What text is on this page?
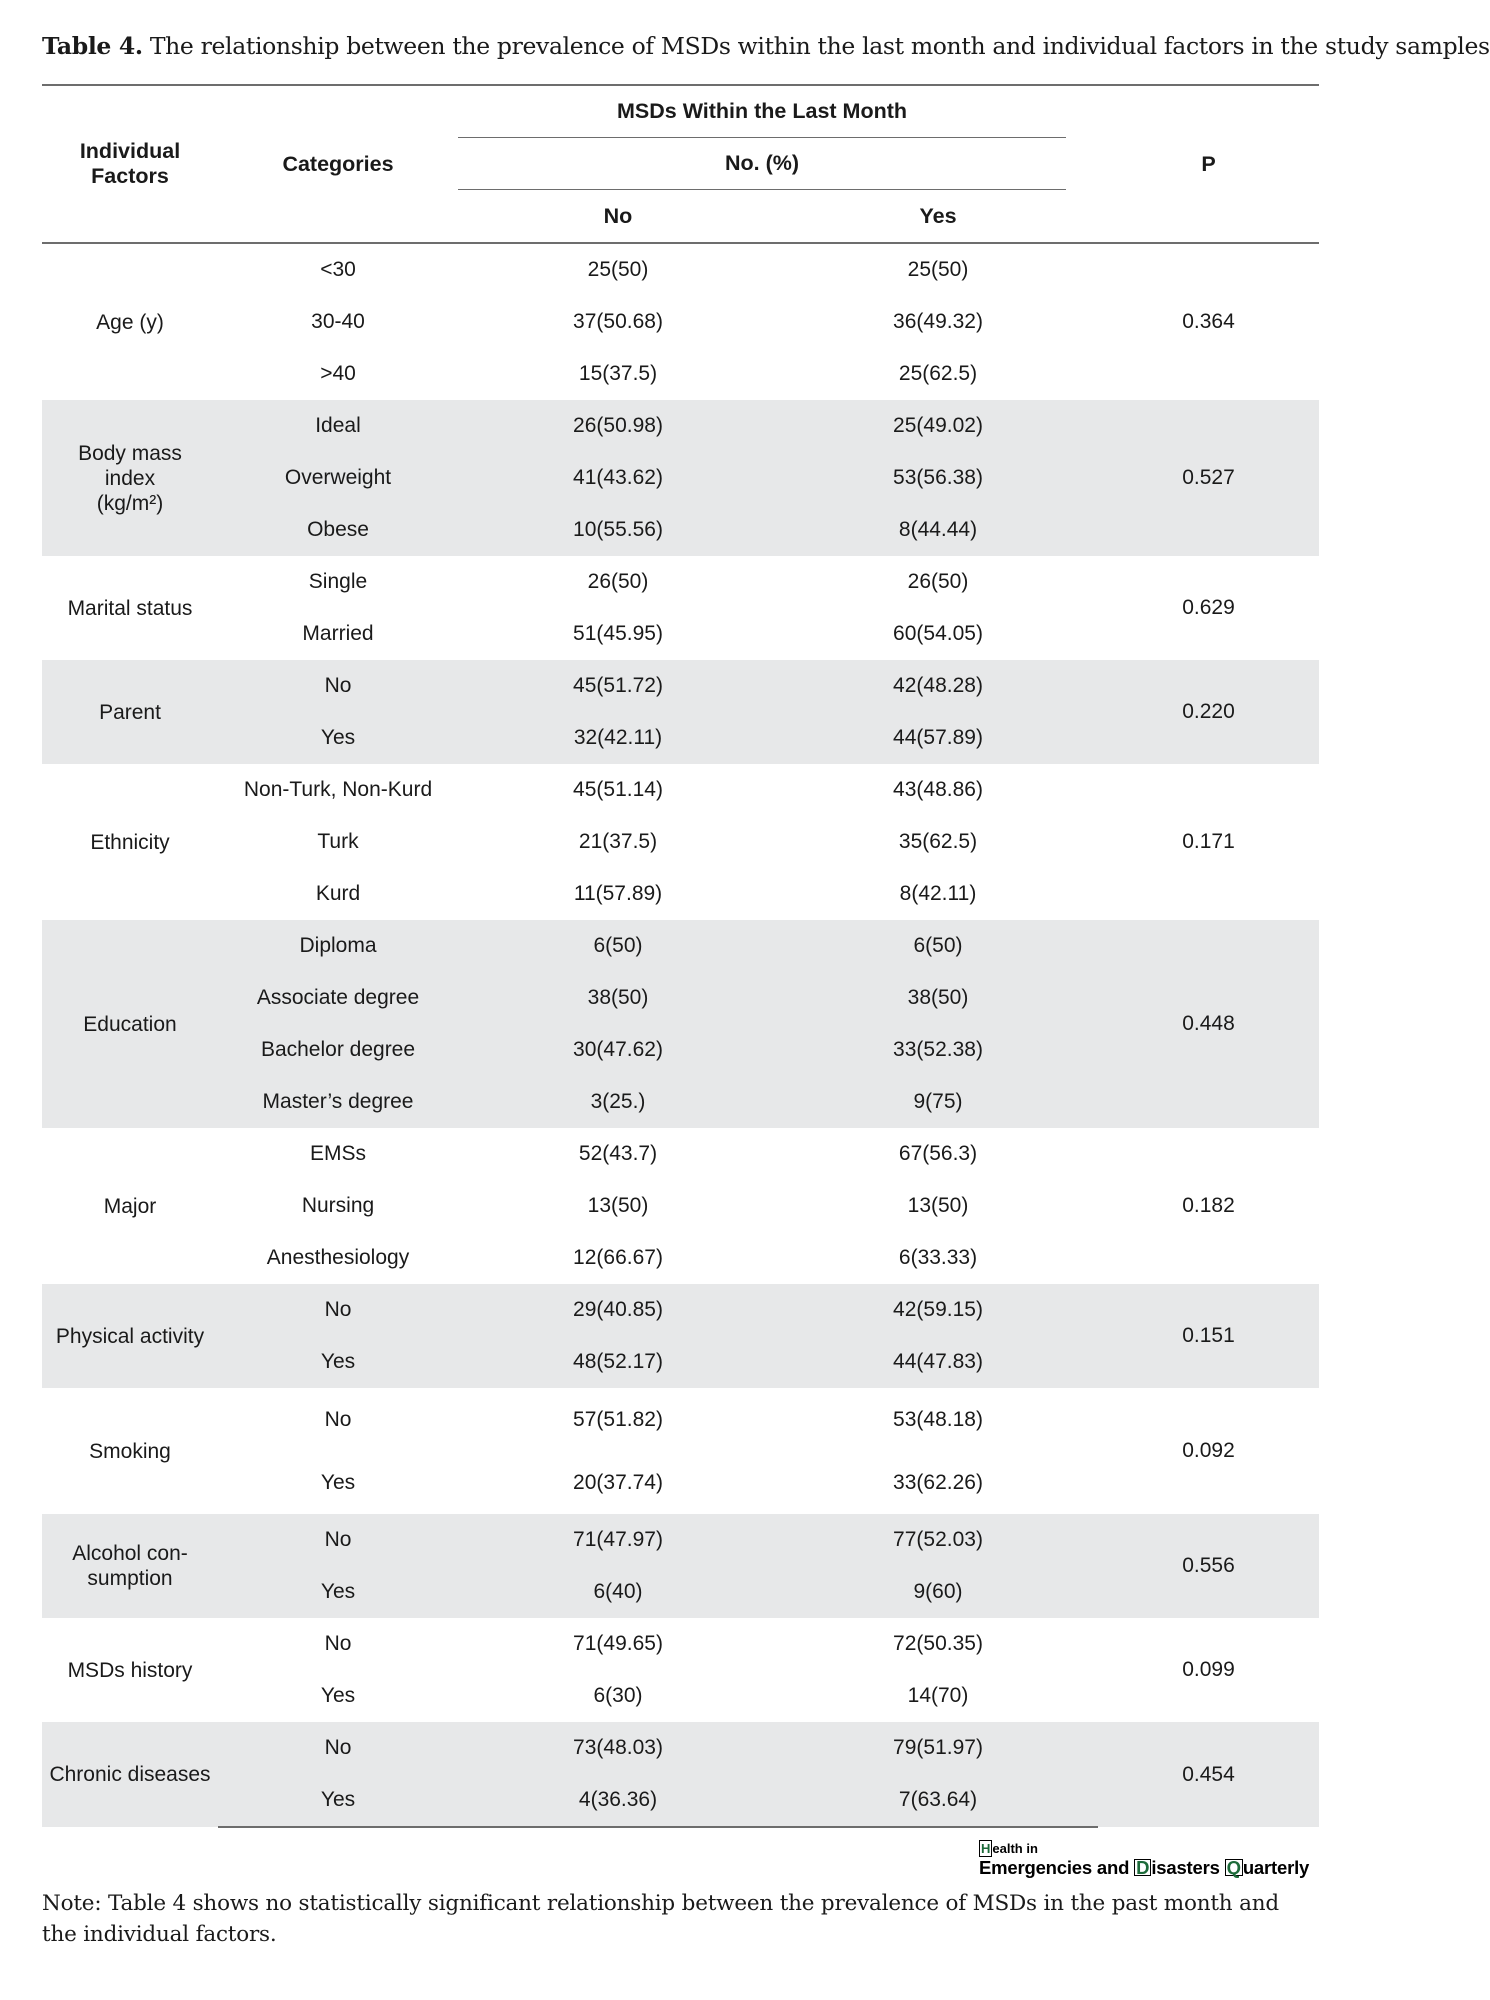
Table 4. The relationship between the prevalence of MSDs within the last month and individual factors in the study samples
Individual Factors	Categories	MSDs Within the Last Month		P

		No. (%)		

		No	Yes	
Age (y)	<30	25(50)	25(50)	0.364
	30-40	37(50.68)	36(49.32)	
	>40	15(37.5)	25(62.5)	
Body mass index (kg/m²)	Ideal	26(50.98)	25(49.02)	0.527
	Overweight	41(43.62)	53(56.38)	
	Obese	10(55.56)	8(44.44)	
Marital status	Single	26(50)	26(50)	0.629
	Married	51(45.95)	60(54.05)	
Parent	No	45(51.72)	42(48.28)	0.220
	Yes	32(42.11)	44(57.89)	
Ethnicity	Non-Turk, Non-Kurd	45(51.14)	43(48.86)	0.171
	Turk	21(37.5)	35(62.5)	
	Kurd	11(57.89)	8(42.11)	
Education	Diploma	6(50)	6(50)	0.448
	Associate degree	38(50)	38(50)	
	Bachelor degree	30(47.62)	33(52.38)	
	Master’s degree	3(25.)	9(75)	
Major	EMSs	52(43.7)	67(56.3)	0.182
	Nursing	13(50)	13(50)	
	Anesthesiology	12(66.67)	6(33.33)	
Physical activity	No	29(40.85)	42(59.15)	0.151
	Yes	48(52.17)	44(47.83)	
Smoking	No	57(51.82)	53(48.18)	0.092
	Yes	20(37.74)	33(62.26)	
Alcohol con-sumption	No	71(47.97)	77(52.03)	0.556
	Yes	6(40)	9(60)	
MSDs history	No	71(49.65)	72(50.35)	0.099
	Yes	6(30)	14(70)	
Chronic diseases	No	73(48.03)	79(51.97)	0.454
	Yes	4(36.36)	7(63.64)	
H ealth in
Emergencies and D isasters Q uarterly
Note: Table 4 shows no statistically significant relationship between the prevalence of MSDs in the past month and the individual factors.
